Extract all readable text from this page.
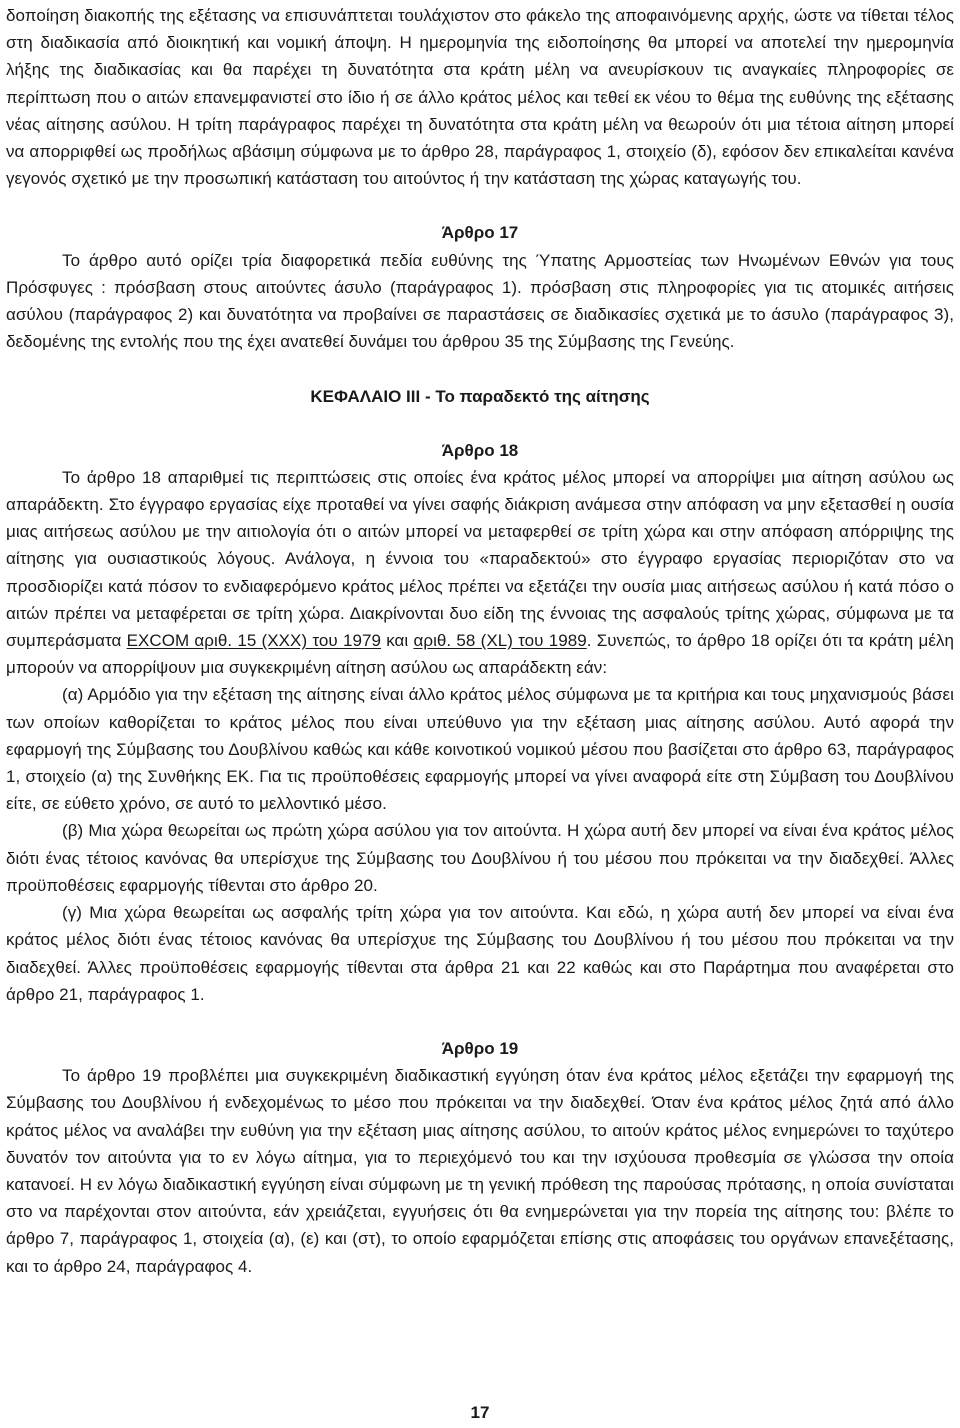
δοποίηση διακοπής της εξέτασης να επισυνάπτεται τουλάχιστον στο φάκελο της αποφαινόμενης αρχής, ώστε να τίθεται τέλος στη διαδικασία από διοικητική και νομική άποψη. Η ημερομηνία της ειδοποίησης θα μπορεί να αποτελεί την ημερομηνία λήξης της διαδικασίας και θα παρέχει τη δυνατότητα στα κράτη μέλη να ανευρίσκουν τις αναγκαίες πληροφορίες σε περίπτωση που ο αιτών επανεμφανιστεί στο ίδιο ή σε άλλο κράτος μέλος και τεθεί εκ νέου το θέμα της ευθύνης της εξέτασης νέας αίτησης ασύλου. Η τρίτη παράγραφος παρέχει τη δυνατότητα στα κράτη μέλη να θεωρούν ότι μια τέτοια αίτηση μπορεί να απορριφθεί ως προδήλως αβάσιμη σύμφωνα με το άρθρο 28, παράγραφος 1, στοιχείο (δ), εφόσον δεν επικαλείται κανένα γεγονός σχετικό με την προσωπική κατάσταση του αιτούντος ή την κατάσταση της χώρας καταγωγής του.

Άρθρο 17

Το άρθρο αυτό ορίζει τρία διαφορετικά πεδία ευθύνης της Ύπατης Αρμοστείας των Ηνωμένων Εθνών για τους Πρόσφυγες : πρόσβαση στους αιτούντες άσυλο (παράγραφος 1). πρόσβαση στις πληροφορίες για τις ατομικές αιτήσεις ασύλου (παράγραφος 2) και δυνατότητα να προβαίνει σε παραστάσεις σε διαδικασίες σχετικά με το άσυλο (παράγραφος 3), δεδομένης της εντολής που της έχει ανατεθεί δυνάμει του άρθρου 35 της Σύμβασης της Γενεύης.

ΚΕΦΑΛΑΙΟ ΙΙΙ - Το παραδεκτό της αίτησης
Άρθρο 18

Το άρθρο 18 απαριθμεί τις περιπτώσεις στις οποίες ένα κράτος μέλος μπορεί να απορρίψει μια αίτηση ασύλου ως απαράδεκτη. Στο έγγραφο εργασίας είχε προταθεί να γίνει σαφής διάκριση ανάμεσα στην απόφαση να μην εξετασθεί η ουσία μιας αιτήσεως ασύλου με την αιτιολογία ότι ο αιτών μπορεί να μεταφερθεί σε τρίτη χώρα και στην απόφαση απόρριψης της αίτησης για ουσιαστικούς λόγους. Ανάλογα, η έννοια του «παραδεκτού» στο έγγραφο εργασίας περιοριζόταν στο να προσδιορίζει κατά πόσον το ενδιαφερόμενο κράτος μέλος πρέπει να εξετάζει την ουσία μιας αιτήσεως ασύλου ή κατά πόσο ο αιτών πρέπει να μεταφέρεται σε τρίτη χώρα. Διακρίνονται δυο είδη της έννοιας της ασφαλούς τρίτης χώρας, σύμφωνα με τα συμπεράσματα EXCOM αριθ. 15 (XXX) του 1979 και αριθ. 58 (XL) του 1989. Συνεπώς, το άρθρο 18 ορίζει ότι τα κράτη μέλη μπορούν να απορρίψουν μια συγκεκριμένη αίτηση ασύλου ως απαράδεκτη εάν:

(α) Αρμόδιο για την εξέταση της αίτησης είναι άλλο κράτος μέλος σύμφωνα με τα κριτήρια και τους μηχανισμούς βάσει των οποίων καθορίζεται το κράτος μέλος που είναι υπεύθυνο για την εξέταση μιας αίτησης ασύλου. Αυτό αφορά την εφαρμογή της Σύμβασης του Δουβλίνου καθώς και κάθε κοινοτικού νομικού μέσου που βασίζεται στο άρθρο 63, παράγραφος 1, στοιχείο (α) της Συνθήκης ΕΚ. Για τις προϋποθέσεις εφαρμογής μπορεί να γίνει αναφορά είτε στη Σύμβαση του Δουβλίνου είτε, σε εύθετο χρόνο, σε αυτό το μελλοντικό μέσο.

(β) Μια χώρα θεωρείται ως πρώτη χώρα ασύλου για τον αιτούντα. Η χώρα αυτή δεν μπορεί να είναι ένα κράτος μέλος διότι ένας τέτοιος κανόνας θα υπερίσχυε της Σύμβασης του Δουβλίνου ή του μέσου που πρόκειται να την διαδεχθεί. Άλλες προϋποθέσεις εφαρμογής τίθενται στο άρθρο 20.

(γ) Μια χώρα θεωρείται ως ασφαλής τρίτη χώρα για τον αιτούντα. Και εδώ, η χώρα αυτή δεν μπορεί να είναι ένα κράτος μέλος διότι ένας τέτοιος κανόνας θα υπερίσχυε της Σύμβασης του Δουβλίνου ή του μέσου που πρόκειται να την διαδεχθεί. Άλλες προϋποθέσεις εφαρμογής τίθενται στα άρθρα 21 και 22 καθώς και στο Παράρτημα που αναφέρεται στο άρθρο 21, παράγραφος 1.

Άρθρο 19

Το άρθρο 19 προβλέπει μια συγκεκριμένη διαδικαστική εγγύηση όταν ένα κράτος μέλος εξετάζει την εφαρμογή της Σύμβασης του Δουβλίνου ή ενδεχομένως το μέσο που πρόκειται να την διαδεχθεί. Όταν ένα κράτος μέλος ζητά από άλλο κράτος μέλος να αναλάβει την ευθύνη για την εξέταση μιας αίτησης ασύλου, το αιτούν κράτος μέλος ενημερώνει το ταχύτερο δυνατόν τον αιτούντα για το εν λόγω αίτημα, για το περιεχόμενό του και την ισχύουσα προθεσμία σε γλώσσα την οποία κατανοεί. Η εν λόγω διαδικαστική εγγύηση είναι σύμφωνη με τη γενική πρόθεση της παρούσας πρότασης, η οποία συνίσταται στο να παρέχονται στον αιτούντα, εάν χρειάζεται, εγγυήσεις ότι θα ενημερώνεται για την πορεία της αίτησης του: βλέπε το άρθρο 7, παράγραφος 1, στοιχεία (α), (ε) και (στ), το οποίο εφαρμόζεται επίσης στις αποφάσεις του οργάνων επανεξέτασης, και το άρθρο 24, παράγραφος 4.

17
